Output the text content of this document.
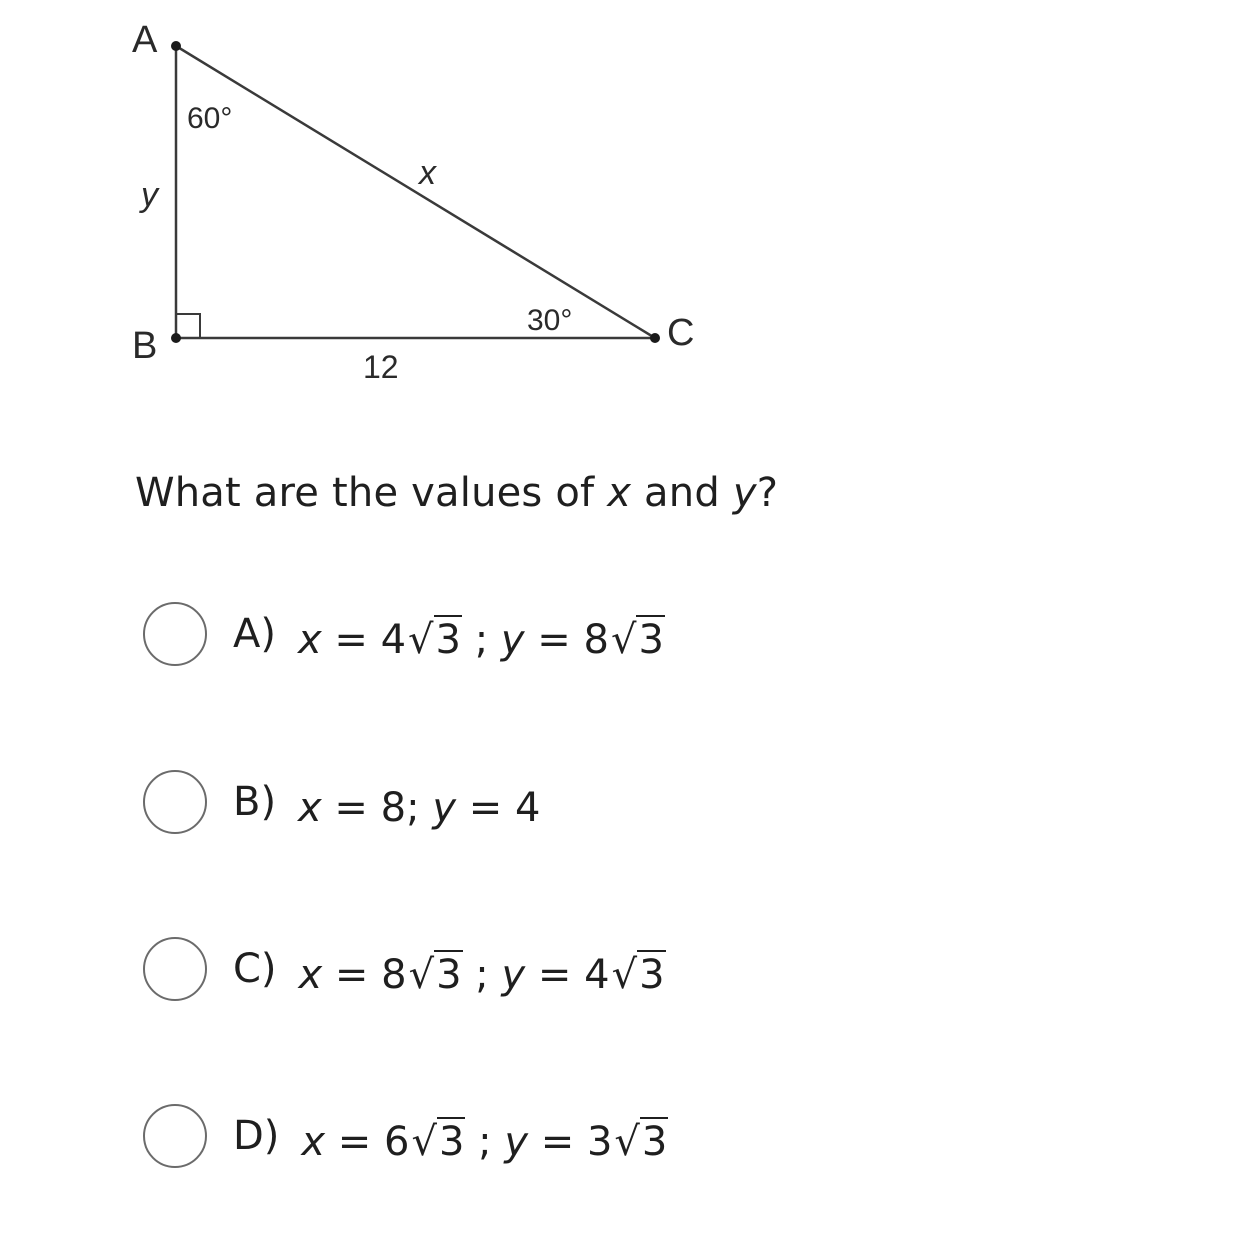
A
B	C
60°
30°
x
y
12
What are the values of x and y?
A) x = 4√3 ; y = 8√3
B) x = 8; y = 4
C) x = 8√3 ; y = 4√3
D) x = 6√3 ; y = 3√3
